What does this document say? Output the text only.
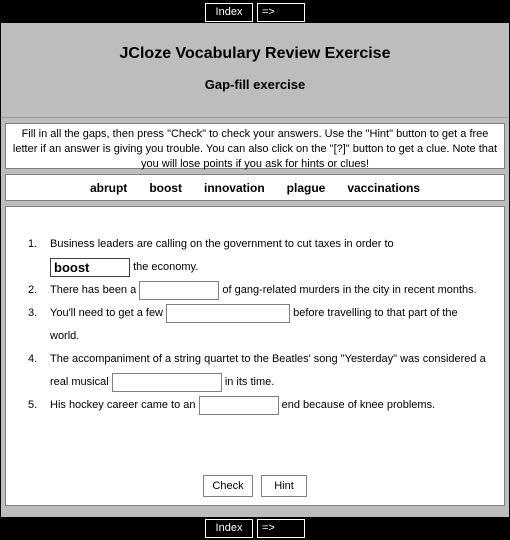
Index	=>
JCloze Vocabulary Review Exercise
Gap-fill exercise
Fill in all the gaps, then press "Check" to check your answers. Use the "Hint" button to get a free letter if an answer is giving you trouble. You can also click on the "[?]" button to get a clue. Note that you will lose points if you ask for hints or clues!
abrupt boost innovation plague vaccinations
1.	Business leaders are calling on the government to cut taxes in order to
boost	the economy.
2.	There has been a	of gang-related murders in the city in recent months.
3.	You'll need to get a few	before travelling to that part of the world.
4.	The accompaniment of a string quartet to the Beatles' song "Yesterday" was considered a real musical	in its time.
5.	His hockey career came to an	end because of knee problems.
Check	Hint
Index	=>
